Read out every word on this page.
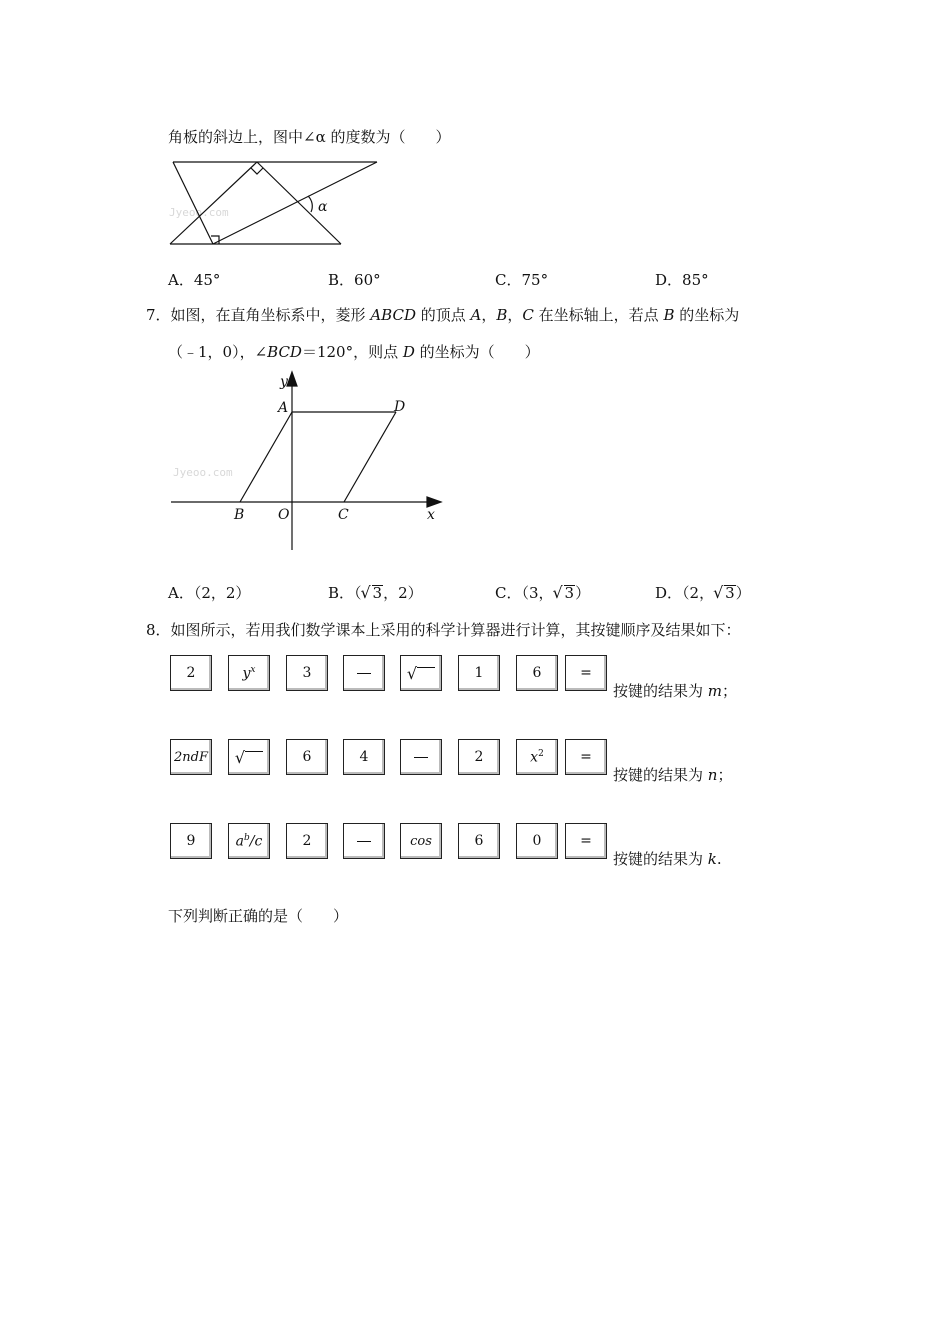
角板的斜边上，图中∠α 的度数为（　　）
Jyeoo.com	α
A．45°	B．60°	C．75°	D．85°
7．如图，在直角坐标系中，菱形 ABCD 的顶点 A，B，C 在坐标轴上，若点 B 的坐标为
（﹣1，0），∠BCD＝120°，则点 D 的坐标为（　　）
Jyeoo.com
y
A	D
B O	C	x
A．（2，2）	B．（ √ 3，2）	C．（3， √ 3）	D．（2， √ 3）
8．如图所示，若用我们数学课本上采用的科学计算器进行计算，其按键顺序及结果如下：
2	$y^x$	3	√	1	6	=
按键的结果为 m；
2ndF √	6	4	2	$x^2$	=
按键的结果为 n；
9	$a^b/c$	2	cos	6	0	=
按键的结果为 k.
下列判断正确的是（　　）
